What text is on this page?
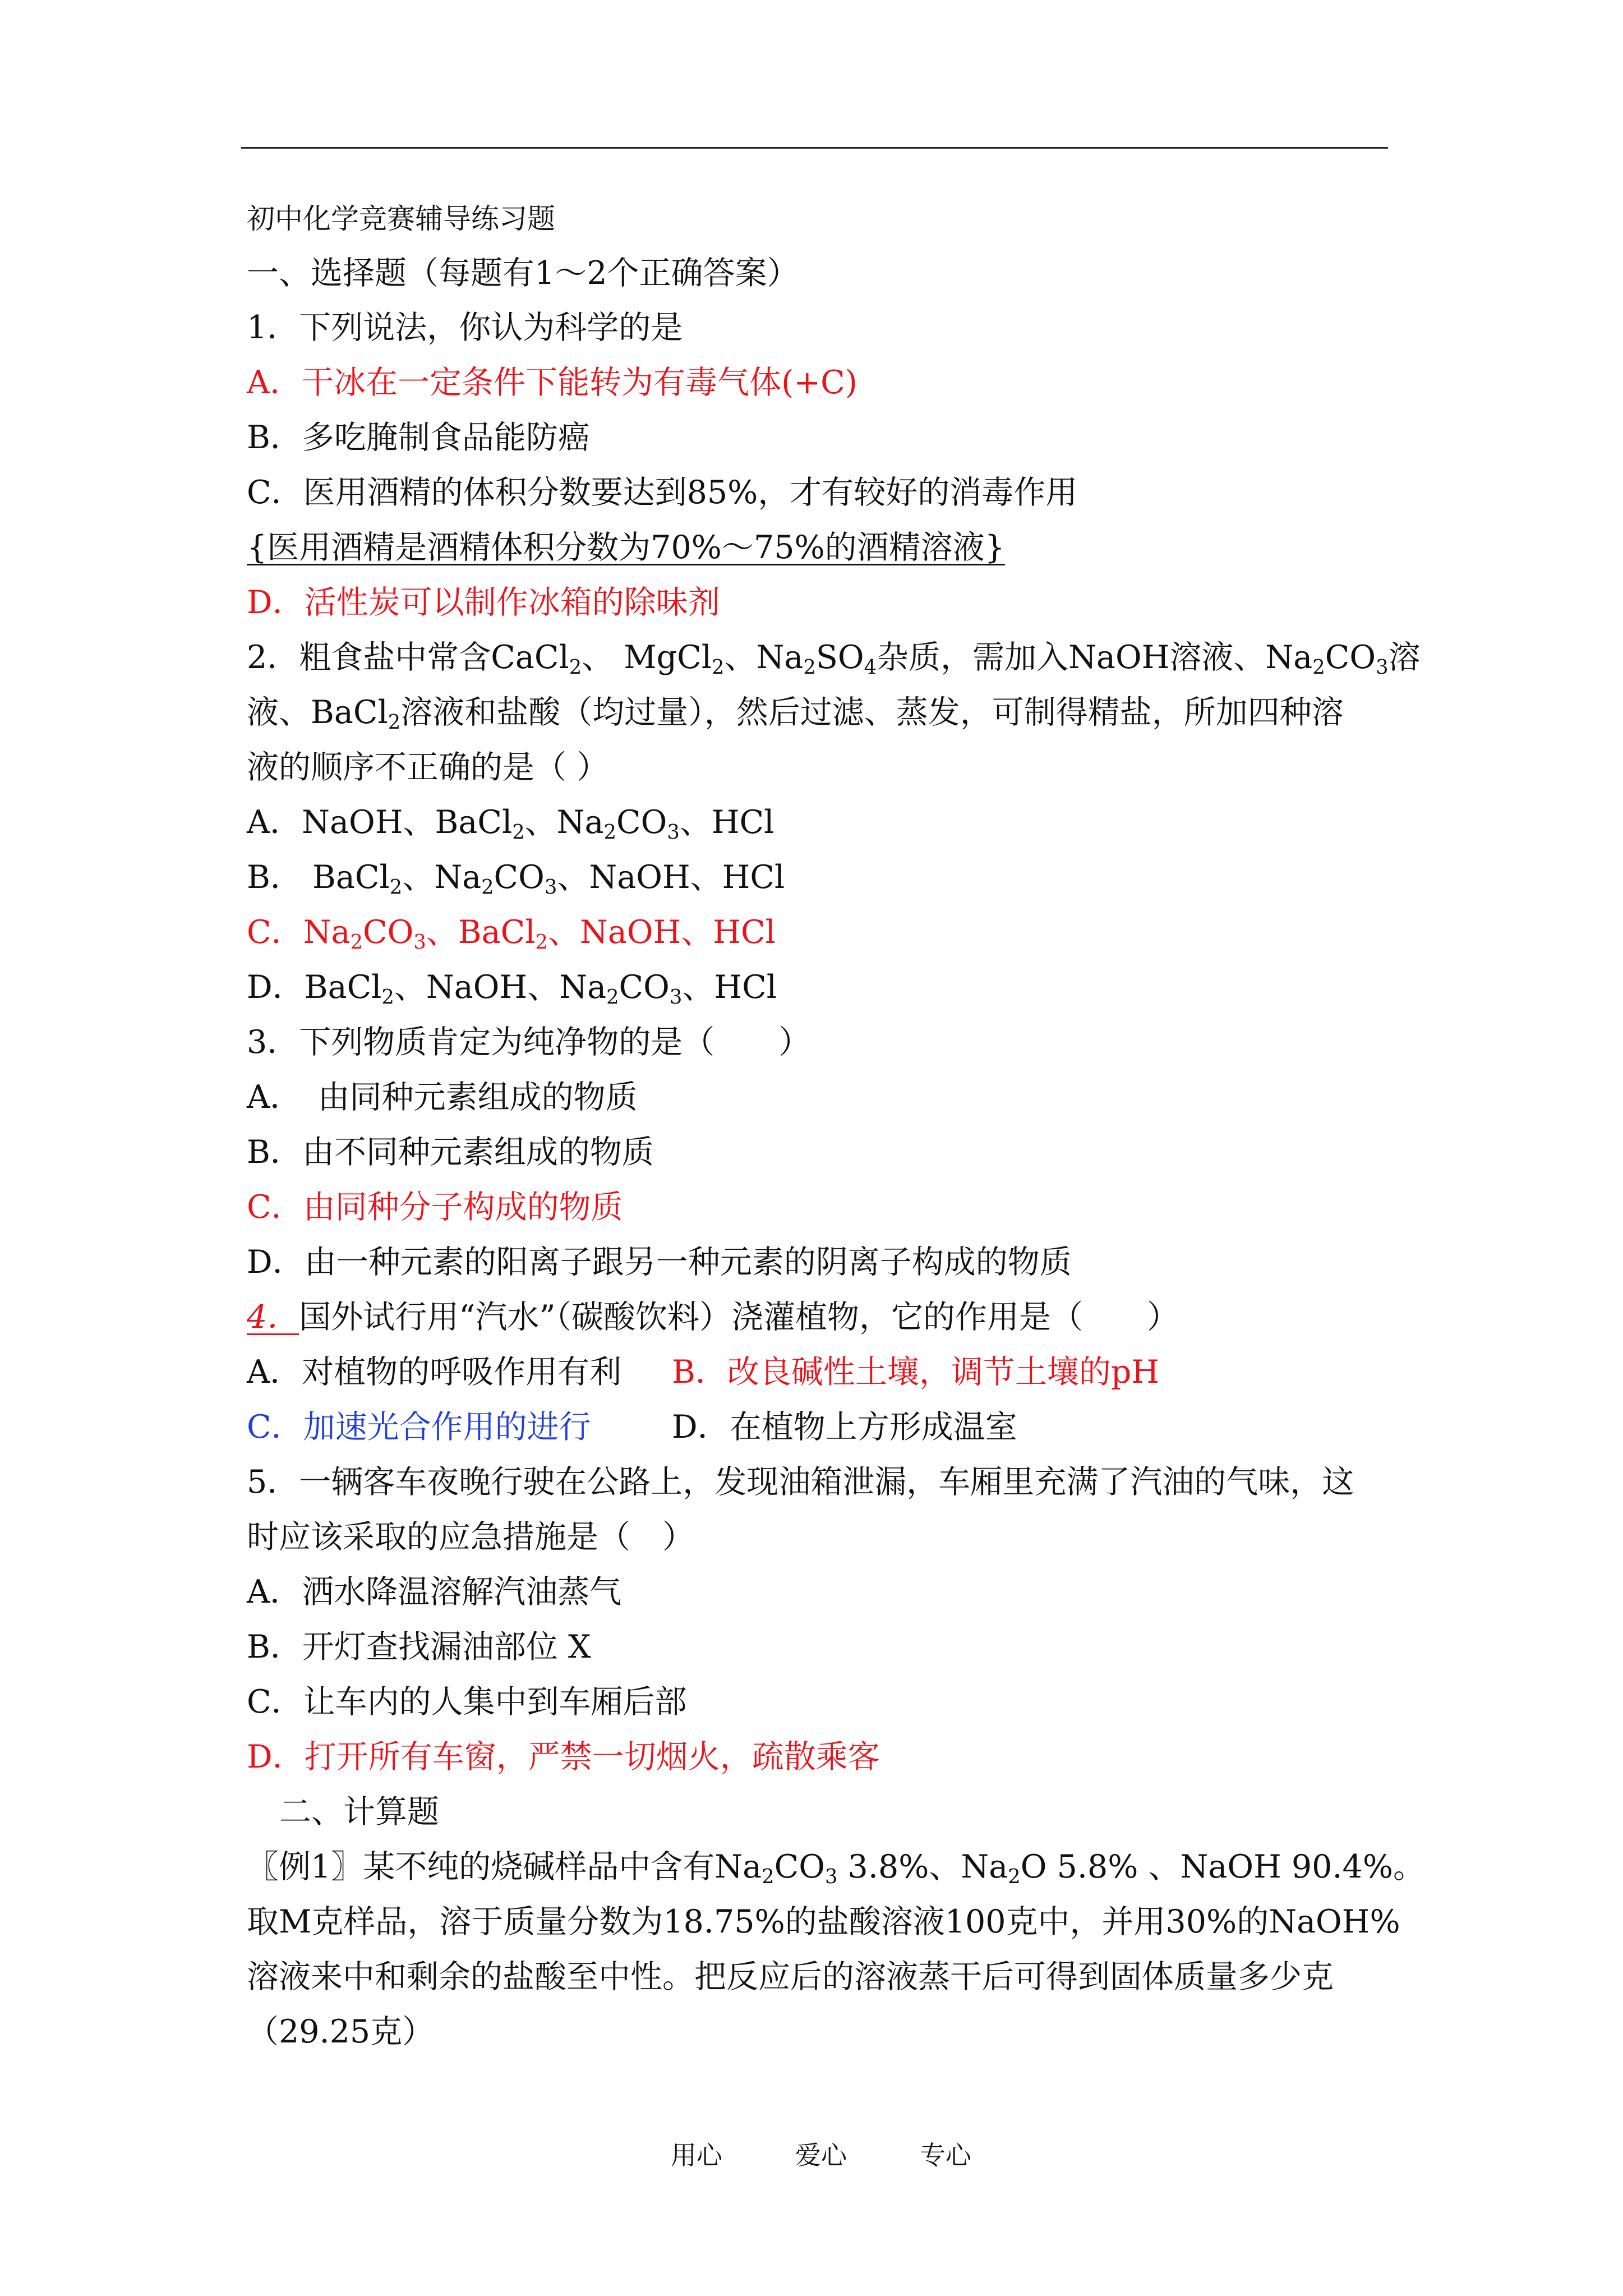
初中化学竞赛辅导练习题
一、选择题（每题有1～2个正确答案）
1．下列说法，你认为科学的是
A．干冰在一定条件下能转为有毒气体(+C)
B．多吃腌制食品能防癌
C．医用酒精的体积分数要达到85%，才有较好的消毒作用
{医用酒精是酒精体积分数为70%～75%的酒精溶液}
D．活性炭可以制作冰箱的除味剂
2．粗食盐中常含CaCl$_2$、 MgCl$_2$、$Na_2SO_4$杂质，需加入NaOH溶液、$Na_2CO_3$溶
液、BaCl$_2$溶液和盐酸（均过量），然后过滤、蒸发，可制得精盐，所加四种溶
液的顺序不正确的是（ ）
A．NaOH、BaCl$_2$、$Na_2CO_3$、HCl
B． BaCl$_2$、$Na_2CO_3$、NaOH、HCl
C．$Na_2CO_3$、BaCl$_2$、NaOH、HCl
D．BaCl$_2$、NaOH、$Na_2CO_3$、HCl
3．下列物质肯定为纯净物的是（　　）
A．　由同种元素组成的物质
B．由不同种元素组成的物质
C．由同种分子构成的物质
D．由一种元素的阳离子跟另一种元素的阴离子构成的物质
4．国外试行用“汽水”（碳酸饮料）浇灌植物，它的作用是（　　）
A．对植物的呼吸作用有利 B．改良碱性土壤，调节土壤的pH
C．加速光合作用的进行	D．在植物上方形成温室
5．一辆客车夜晚行驶在公路上，发现油箱泄漏，车厢里充满了汽油的气味，这
时应该采取的应急措施是（　）
A．洒水降温溶解汽油蒸气
B．开灯查找漏油部位 X
C．让车内的人集中到车厢后部
D．打开所有车窗，严禁一切烟火，疏散乘客
二、计算题
〖例1〗某不纯的烧碱样品中含有$Na_2CO_3$ 3.8%、$Na_2O$ 5.8% 、NaOH 90.4%。
取M克样品，溶于质量分数为18.75%的盐酸溶液100克中，并用30%的NaOH%
溶液来中和剩余的盐酸至中性。把反应后的溶液蒸干后可得到固体质量多少克
（29.25克）
用心	爱心	专心
